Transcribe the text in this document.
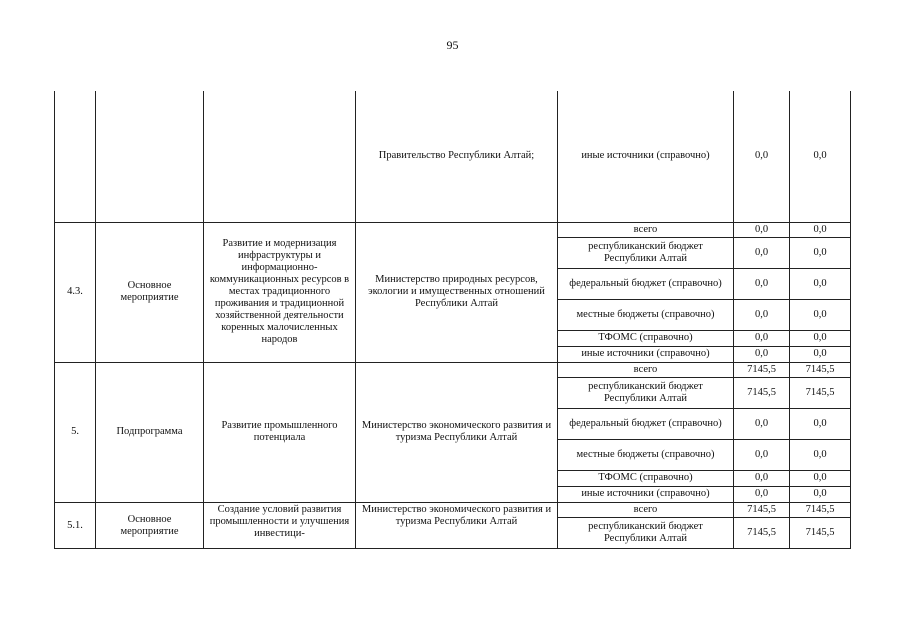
95
			Правительство Республики Алтай;	иные источники (справочно)	0,0	0,0
4.3.	Основное мероприятие	Развитие и модернизация инфраструктуры и информационно-коммуникационных ресурсов в местах традиционного проживания и традиционной хозяйственной деятельности коренных малочисленных народов	Министерство природных ресурсов, экологии и имущественных отношений Республики Алтай	всего	0,0	0,0
				республиканский бюджет Республики Алтай	0,0	0,0
				федеральный бюджет (справочно)	0,0	0,0
				местные бюджеты (справочно)	0,0	0,0
				ТФОМС (справочно)	0,0	0,0
				иные источники (справочно)	0,0	0,0
5.	Подпрограмма	Развитие промышленного потенциала	Министерство экономического развития и туризма Республики Алтай	всего	7145,5	7145,5
				республиканский бюджет Республики Алтай	7145,5	7145,5
				федеральный бюджет (справочно)	0,0	0,0
				местные бюджеты (справочно)	0,0	0,0
				ТФОМС (справочно)	0,0	0,0
				иные источники (справочно)	0,0	0,0
5.1.	Основное мероприятие	Создание условий развития промышленности и улучшения инвестици-	Министерство экономического развития и туризма Республики Алтай	всего	7145,5	7145,5
				республиканский бюджет Республики Алтай	7145,5	7145,5
